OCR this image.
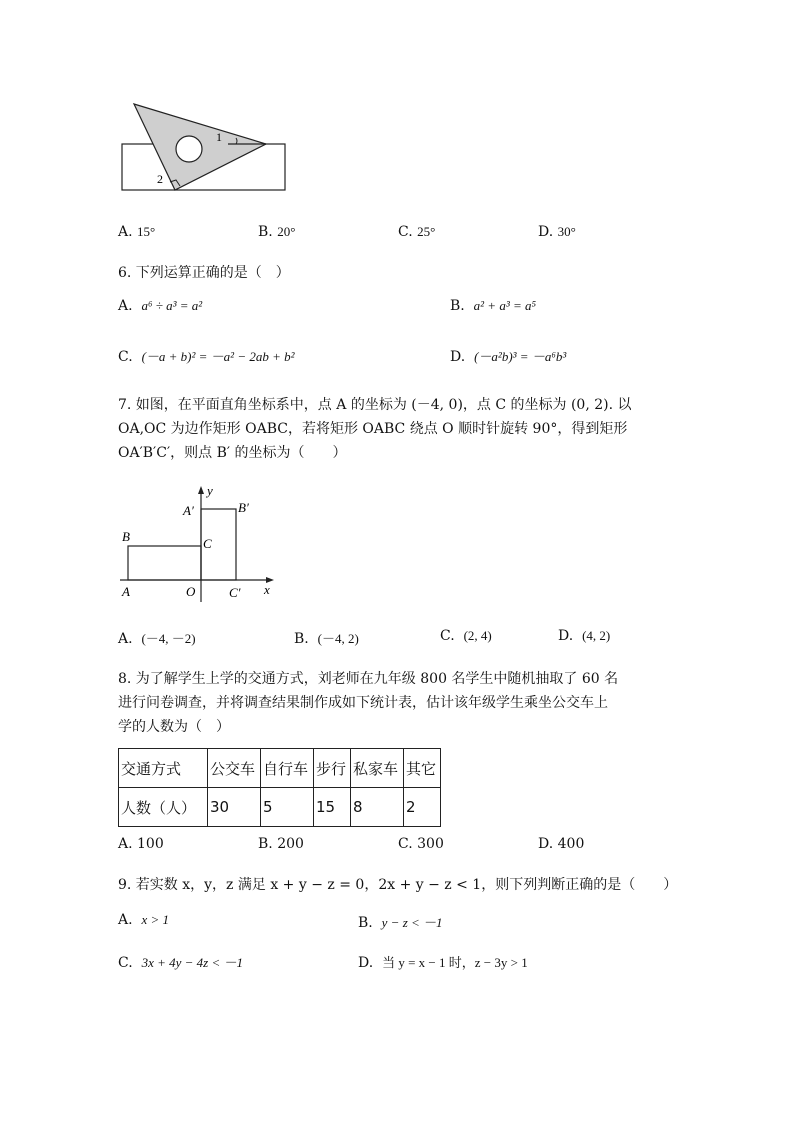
1
2
A. 15°	B. 20°	C. 25°	D. 30°
6. 下列运算正确的是（　）
A. a⁶ ÷ a³ = a²	B. a² + a³ = a⁵
C. (－a + b)² = －a² − 2ab + b²	D. (－a²b)³ = －a⁶b³
7. 如图，在平面直角坐标系中，点 A 的坐标为 (－4, 0)，点 C 的坐标为 (0, 2). 以
OA,OC 为边作矩形 OABC，若将矩形 OABC 绕点 O 顺时针旋转 90°，得到矩形
OA′B′C′，则点 B′ 的坐标为（　　）
y
x
A′	B′
B	C
A	O	C′
A. (－4, －2)	B. (－4, 2)	C. (2, 4)	D. (4, 2)
8. 为了解学生上学的交通方式，刘老师在九年级 800 名学生中随机抽取了 60 名
进行问卷调查，并将调查结果制作成如下统计表，估计该年级学生乘坐公交车上
学的人数为（　）
交通方式	公交车	自行车	步行	私家车	其它
人数（人）	30	5	15	8	2
A. 100	B. 200	C. 300	D. 400
9. 若实数 x，y，z 满足 x + y − z = 0，2x + y − z < 1，则下列判断正确的是（　　）
A. x > 1	B. y − z < －1
C. 3x + 4y − 4z < －1	D. 当 y = x − 1 时，z − 3y > 1
